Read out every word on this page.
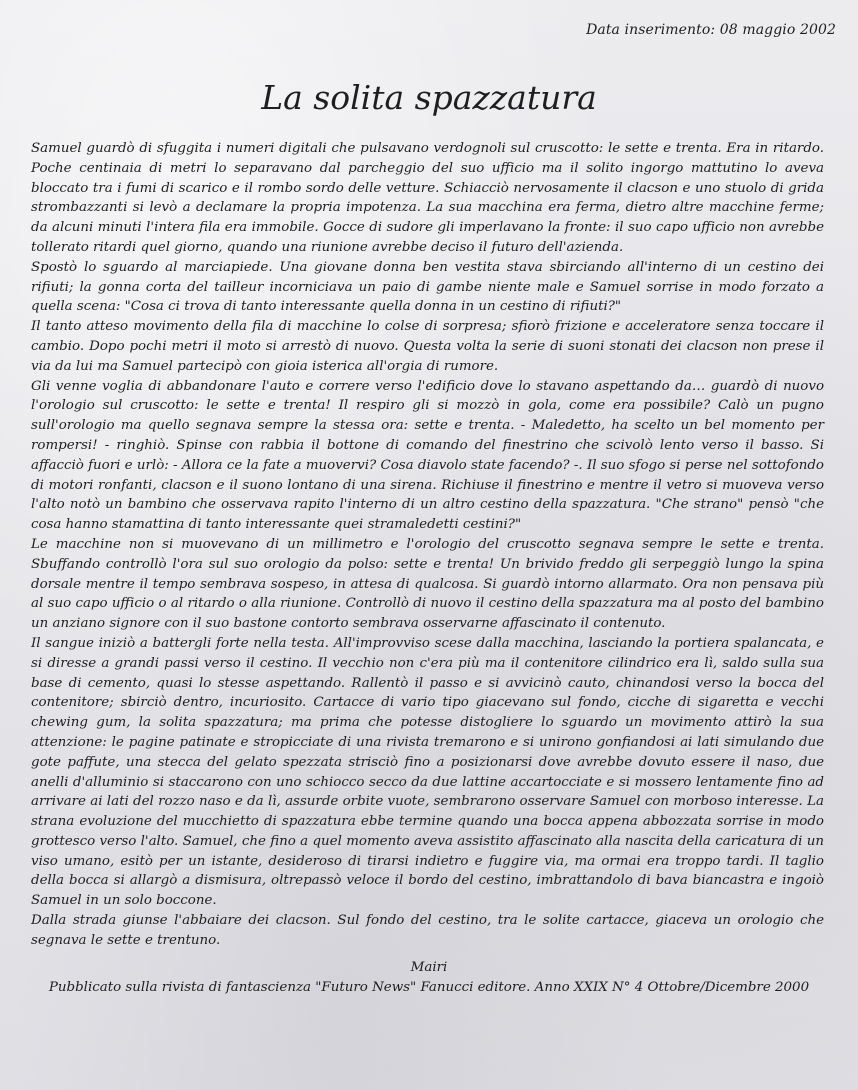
Data inserimento: 08 maggio 2002
La solita spazzatura

Samuel guardò di sfuggita i numeri digitali che pulsavano verdognoli sul cruscotto: le sette e trenta. Era in ritardo. Poche centinaia di metri lo separavano dal parcheggio del suo ufficio ma il solito ingorgo mattutino lo aveva bloccato tra i fumi di scarico e il rombo sordo delle vetture. Schiacciò nervosamente il clacson e uno stuolo di grida strombazzanti si levò a declamare la propria impotenza. La sua macchina era ferma, dietro altre macchine ferme; da alcuni minuti l'intera fila era immobile. Gocce di sudore gli imperlavano la fronte: il suo capo ufficio non avrebbe tollerato ritardi quel giorno, quando una riunione avrebbe deciso il futuro dell'azienda.

Spostò lo sguardo al marciapiede. Una giovane donna ben vestita stava sbirciando all'interno di un cestino dei rifiuti; la gonna corta del tailleur incorniciava un paio di gambe niente male e Samuel sorrise in modo forzato a quella scena: "Cosa ci trova di tanto interessante quella donna in un cestino di rifiuti?"

Il tanto atteso movimento della fila di macchine lo colse di sorpresa; sfiorò frizione e acceleratore senza toccare il cambio. Dopo pochi metri il moto si arrestò di nuovo. Questa volta la serie di suoni stonati dei clacson non prese il via da lui ma Samuel partecipò con gioia isterica all'orgia di rumore.

Gli venne voglia di abbandonare l'auto e correre verso l'edificio dove lo stavano aspettando da… guardò di nuovo l'orologio sul cruscotto: le sette e trenta! Il respiro gli si mozzò in gola, come era possibile? Calò un pugno sull'orologio ma quello segnava sempre la stessa ora: sette e trenta. - Maledetto, ha scelto un bel momento per rompersi! - ringhiò. Spinse con rabbia il bottone di comando del finestrino che scivolò lento verso il basso. Si affacciò fuori e urlò: - Allora ce la fate a muovervi? Cosa diavolo state facendo? -. Il suo sfogo si perse nel sottofondo di motori ronfanti, clacson e il suono lontano di una sirena. Richiuse il finestrino e mentre il vetro si muoveva verso l'alto notò un bambino che osservava rapito l'interno di un altro cestino della spazzatura. "Che strano" pensò "che cosa hanno stamattina di tanto interessante quei stramaledetti cestini?"

Le macchine non si muovevano di un millimetro e l'orologio del cruscotto segnava sempre le sette e trenta. Sbuffando controllò l'ora sul suo orologio da polso: sette e trenta! Un brivido freddo gli serpeggiò lungo la spina dorsale mentre il tempo sembrava sospeso, in attesa di qualcosa. Si guardò intorno allarmato. Ora non pensava più al suo capo ufficio o al ritardo o alla riunione. Controllò di nuovo il cestino della spazzatura ma al posto del bambino un anziano signore con il suo bastone contorto sembrava osservarne affascinato il contenuto.

Il sangue iniziò a battergli forte nella testa. All'improvviso scese dalla macchina, lasciando la portiera spalancata, e si diresse a grandi passi verso il cestino. Il vecchio non c'era più ma il contenitore cilindrico era lì, saldo sulla sua base di cemento, quasi lo stesse aspettando. Rallentò il passo e si avvicinò cauto, chinandosi verso la bocca del contenitore; sbirciò dentro, incuriosito. Cartacce di vario tipo giacevano sul fondo, cicche di sigaretta e vecchi chewing gum, la solita spazzatura; ma prima che potesse distogliere lo sguardo un movimento attirò la sua attenzione: le pagine patinate e stropicciate di una rivista tremarono e si unirono gonfiandosi ai lati simulando due gote paffute, una stecca del gelato spezzata strisciò fino a posizionarsi dove avrebbe dovuto essere il naso, due anelli d'alluminio si staccarono con uno schiocco secco da due lattine accartocciate e si mossero lentamente fino ad arrivare ai lati del rozzo naso e da lì, assurde orbite vuote, sembrarono osservare Samuel con morboso interesse. La strana evoluzione del mucchietto di spazzatura ebbe termine quando una bocca appena abbozzata sorrise in modo grottesco verso l'alto. Samuel, che fino a quel momento aveva assistito affascinato alla nascita della caricatura di un viso umano, esitò per un istante, desideroso di tirarsi indietro e fuggire via, ma ormai era troppo tardi. Il taglio della bocca si allargò a dismisura, oltrepassò veloce il bordo del cestino, imbrattandolo di bava biancastra e ingoiò Samuel in un solo boccone.

Dalla strada giunse l'abbaiare dei clacson. Sul fondo del cestino, tra le solite cartacce, giaceva un orologio che segnava le sette e trentuno.

Mairi
Pubblicato sulla rivista di fantascienza "Futuro News" Fanucci editore. Anno XXIX N° 4 Ottobre/Dicembre 2000
